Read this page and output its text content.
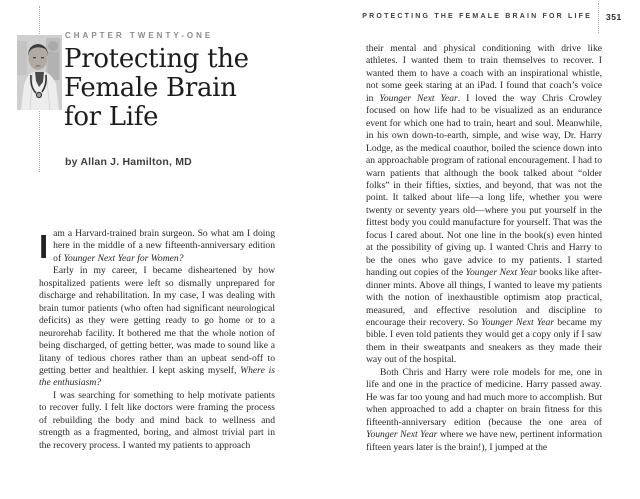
CHAPTER TWENTY-ONE
Protecting the
Female Brain
for Life
by Allan J. Hamilton, MD

Iam a Harvard-trained brain surgeon. So what am I doing here in the middle of a new fifteenth-anniversary edition of Younger Next Year for Women?

Early in my career, I became disheartened by how hospitalized patients were left so dismally unprepared for discharge and rehabilitation. In my case, I was dealing with brain tumor patients (who often had significant neurological deficits) as they were getting ready to go home or to a neurorehab facility. It bothered me that the whole notion of being discharged, of getting better, was made to sound like a litany of tedious chores rather than an upbeat send-off to getting better and healthier. I kept asking myself, Where is the enthusiasm?

I was searching for something to help motivate patients to recover fully. I felt like doctors were framing the process of rebuilding the body and mind back to wellness and strength as a fragmented, boring, and almost trivial part in the recovery process. I wanted my patients to approach

PROTECTING THE FEMALE BRAIN FOR LIFE 351

their mental and physical conditioning with drive like athletes. I wanted them to train themselves to recover. I wanted them to have a coach with an inspirational whistle, not some geek staring at an iPad. I found that coach’s voice in Younger Next Year. I loved the way Chris Crowley focused on how life had to be visualized as an endurance event for which one had to train, heart and soul. Meanwhile, in his own down-to-earth, simple, and wise way, Dr. Harry Lodge, as the medical coauthor, boiled the science down into an approachable program of rational encouragement. I had to warn patients that although the book talked about “older folks” in their fifties, sixties, and beyond, that was not the point. It talked about life—a long life, whether you were twenty or seventy years old—where you put yourself in the fittest body you could manufacture for yourself. That was the focus I cared about. Not one line in the book(s) even hinted at the possibility of giving up. I wanted Chris and Harry to be the ones who gave advice to my patients. I started handing out copies of the Younger Next Year books like after-dinner mints. Above all things, I wanted to leave my patients with the notion of inexhaustible optimism atop practical, measured, and effective resolution and discipline to encourage their recovery. So Younger Next Year became my bible. I even told patients they would get a copy only if I saw them in their sweatpants and sneakers as they made their way out of the hospital.

Both Chris and Harry were role models for me, one in life and one in the practice of medicine. Harry passed away. He was far too young and had much more to accomplish. But when approached to add a chapter on brain fitness for this fifteenth-anniversary edition (because the one area of Younger Next Year where we have new, pertinent information fifteen years later is the brain!), I jumped at the
